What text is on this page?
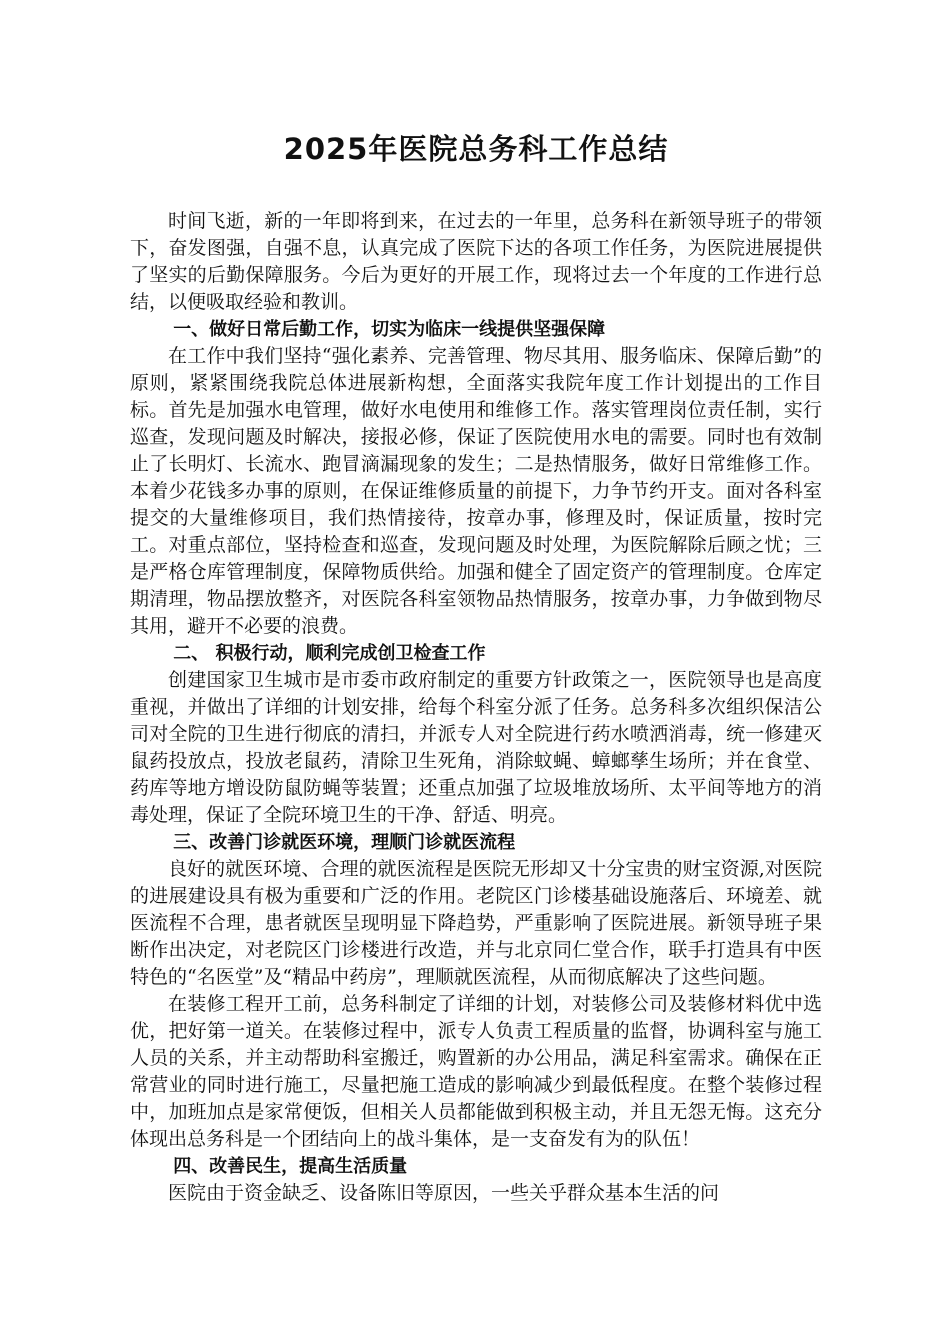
2025年医院总务科工作总结

时间飞逝，新的一年即将到来，在过去的一年里，总务科在新领导班子的带领下，奋发图强，自强不息，认真完成了医院下达的各项工作任务，为医院进展提供了坚实的后勤保障服务。今后为更好的开展工作，现将过去一个年度的工作进行总结，以便吸取经验和教训。

一、做好日常后勤工作，切实为临床一线提供坚强保障

在工作中我们坚持“强化素养、完善管理、物尽其用、服务临床、保障后勤”的原则，紧紧围绕我院总体进展新构想，全面落实我院年度工作计划提出的工作目标。首先是加强水电管理，做好水电使用和维修工作。落实管理岗位责任制，实行巡查，发现问题及时解决，接报必修，保证了医院使用水电的需要。同时也有效制止了长明灯、长流水、跑冒滴漏现象的发生；二是热情服务，做好日常维修工作。本着少花钱多办事的原则，在保证维修质量的前提下，力争节约开支。面对各科室提交的大量维修项目，我们热情接待，按章办事，修理及时，保证质量，按时完工。对重点部位，坚持检查和巡查，发现问题及时处理，为医院解除后顾之忧；三是严格仓库管理制度，保障物质供给。加强和健全了固定资产的管理制度。仓库定期清理，物品摆放整齐，对医院各科室领物品热情服务，按章办事，力争做到物尽其用，避开不必要的浪费。

二、 积极行动，顺利完成创卫检查工作

创建国家卫生城市是市委市政府制定的重要方针政策之一，医院领导也是高度重视，并做出了详细的计划安排，给每个科室分派了任务。总务科多次组织保洁公司对全院的卫生进行彻底的清扫，并派专人对全院进行药水喷洒消毒，统一修建灭鼠药投放点，投放老鼠药，清除卫生死角，消除蚊蝇、蟑螂孳生场所；并在食堂、药库等地方增设防鼠防蝇等装置；还重点加强了垃圾堆放场所、太平间等地方的消毒处理，保证了全院环境卫生的干净、舒适、明亮。

三、改善门诊就医环境，理顺门诊就医流程

良好的就医环境、合理的就医流程是医院无形却又十分宝贵的财宝资源,对医院的进展建设具有极为重要和广泛的作用。老院区门诊楼基础设施落后、环境差、就医流程不合理，患者就医呈现明显下降趋势，严重影响了医院进展。新领导班子果断作出决定，对老院区门诊楼进行改造，并与北京同仁堂合作，联手打造具有中医特色的“名医堂”及“精品中药房”，理顺就医流程，从而彻底解决了这些问题。

在装修工程开工前，总务科制定了详细的计划，对装修公司及装修材料优中选优，把好第一道关。在装修过程中，派专人负责工程质量的监督，协调科室与施工人员的关系，并主动帮助科室搬迁，购置新的办公用品，满足科室需求。确保在正常营业的同时进行施工，尽量把施工造成的影响减少到最低程度。在整个装修过程中，加班加点是家常便饭，但相关人员都能做到积极主动，并且无怨无悔。这充分体现出总务科是一个团结向上的战斗集体，是一支奋发有为的队伍！

四、改善民生，提高生活质量

医院由于资金缺乏、设备陈旧等原因，一些关乎群众基本生活的问
